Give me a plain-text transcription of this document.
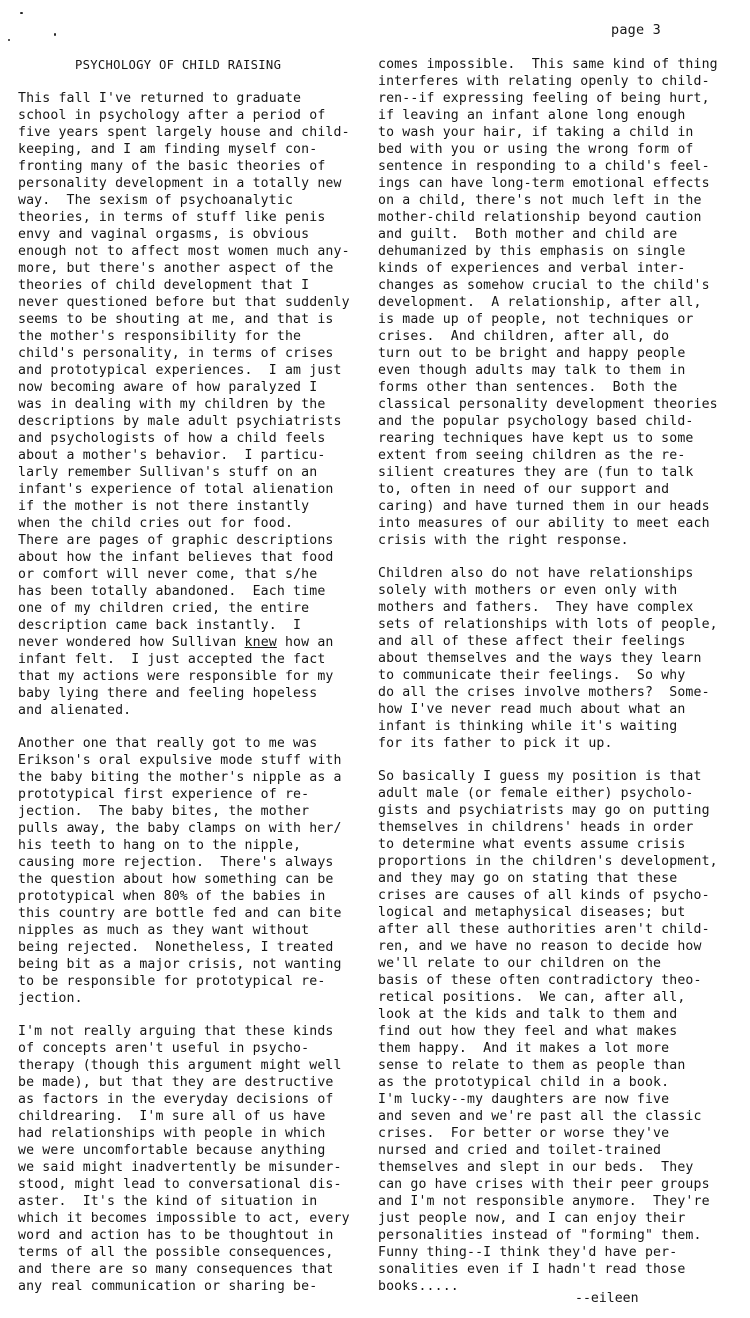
page 3
PSYCHOLOGY OF CHILD RAISING
This fall I've returned to graduate
school in psychology after a period of
five years spent largely house and child-
keeping, and I am finding myself con-
fronting many of the basic theories of
personality development in a totally new
way.  The sexism of psychoanalytic
theories, in terms of stuff like penis
envy and vaginal orgasms, is obvious
enough not to affect most women much any-
more, but there's another aspect of the
theories of child development that I
never questioned before but that suddenly
seems to be shouting at me, and that is
the mother's responsibility for the
child's personality, in terms of crises
and prototypical experiences.  I am just
now becoming aware of how paralyzed I
was in dealing with my children by the
descriptions by male adult psychiatrists
and psychologists of how a child feels
about a mother's behavior.  I particu-
larly remember Sullivan's stuff on an
infant's experience of total alienation
if the mother is not there instantly
when the child cries out for food.
There are pages of graphic descriptions
about how the infant believes that food
or comfort will never come, that s/he
has been totally abandoned.  Each time
one of my children cried, the entire
description came back instantly.  I
never wondered how Sullivan knew how an
infant felt.  I just accepted the fact
that my actions were responsible for my
baby lying there and feeling hopeless
and alienated.
Another one that really got to me was
Erikson's oral expulsive mode stuff with
the baby biting the mother's nipple as a
prototypical first experience of re-
jection.  The baby bites, the mother
pulls away, the baby clamps on with her/
his teeth to hang on to the nipple,
causing more rejection.  There's always
the question about how something can be
prototypical when 80% of the babies in
this country are bottle fed and can bite
nipples as much as they want without
being rejected.  Nonetheless, I treated
being bit as a major crisis, not wanting
to be responsible for prototypical re-
jection.
I'm not really arguing that these kinds
of concepts aren't useful in psycho-
therapy (though this argument might well
be made), but that they are destructive
as factors in the everyday decisions of
childrearing.  I'm sure all of us have
had relationships with people in which
we were uncomfortable because anything
we said might inadvertently be misunder-
stood, might lead to conversational dis-
aster.  It's the kind of situation in
which it becomes impossible to act, every
word and action has to be thoughtout in
terms of all the possible consequences,
and there are so many consequences that
any real communication or sharing be-
comes impossible.  This same kind of thing
interferes with relating openly to child-
ren--if expressing feeling of being hurt,
if leaving an infant alone long enough
to wash your hair, if taking a child in
bed with you or using the wrong form of
sentence in responding to a child's feel-
ings can have long-term emotional effects
on a child, there's not much left in the
mother-child relationship beyond caution
and guilt.  Both mother and child are
dehumanized by this emphasis on single
kinds of experiences and verbal inter-
changes as somehow crucial to the child's
development.  A relationship, after all,
is made up of people, not techniques or
crises.  And children, after all, do
turn out to be bright and happy people
even though adults may talk to them in
forms other than sentences.  Both the
classical personality development theories
and the popular psychology based child-
rearing techniques have kept us to some
extent from seeing children as the re-
silient creatures they are (fun to talk
to, often in need of our support and
caring) and have turned them in our heads
into measures of our ability to meet each
crisis with the right response.
Children also do not have relationships
solely with mothers or even only with
mothers and fathers.  They have complex
sets of relationships with lots of people,
and all of these affect their feelings
about themselves and the ways they learn
to communicate their feelings.  So why
do all the crises involve mothers?  Some-
how I've never read much about what an
infant is thinking while it's waiting
for its father to pick it up.
So basically I guess my position is that
adult male (or female either) psycholo-
gists and psychiatrists may go on putting
themselves in childrens' heads in order
to determine what events assume crisis
proportions in the children's development,
and they may go on stating that these
crises are causes of all kinds of psycho-
logical and metaphysical diseases; but
after all these authorities aren't child-
ren, and we have no reason to decide how
we'll relate to our children on the
basis of these often contradictory theo-
retical positions.  We can, after all,
look at the kids and talk to them and
find out how they feel and what makes
them happy.  And it makes a lot more
sense to relate to them as people than
as the prototypical child in a book.
I'm lucky--my daughters are now five
and seven and we're past all the classic
crises.  For better or worse they've
nursed and cried and toilet-trained
themselves and slept in our beds.  They
can go have crises with their peer groups
and I'm not responsible anymore.  They're
just people now, and I can enjoy their
personalities instead of "forming" them.
Funny thing--I think they'd have per-
sonalities even if I hadn't read those
books.....
--eileen
